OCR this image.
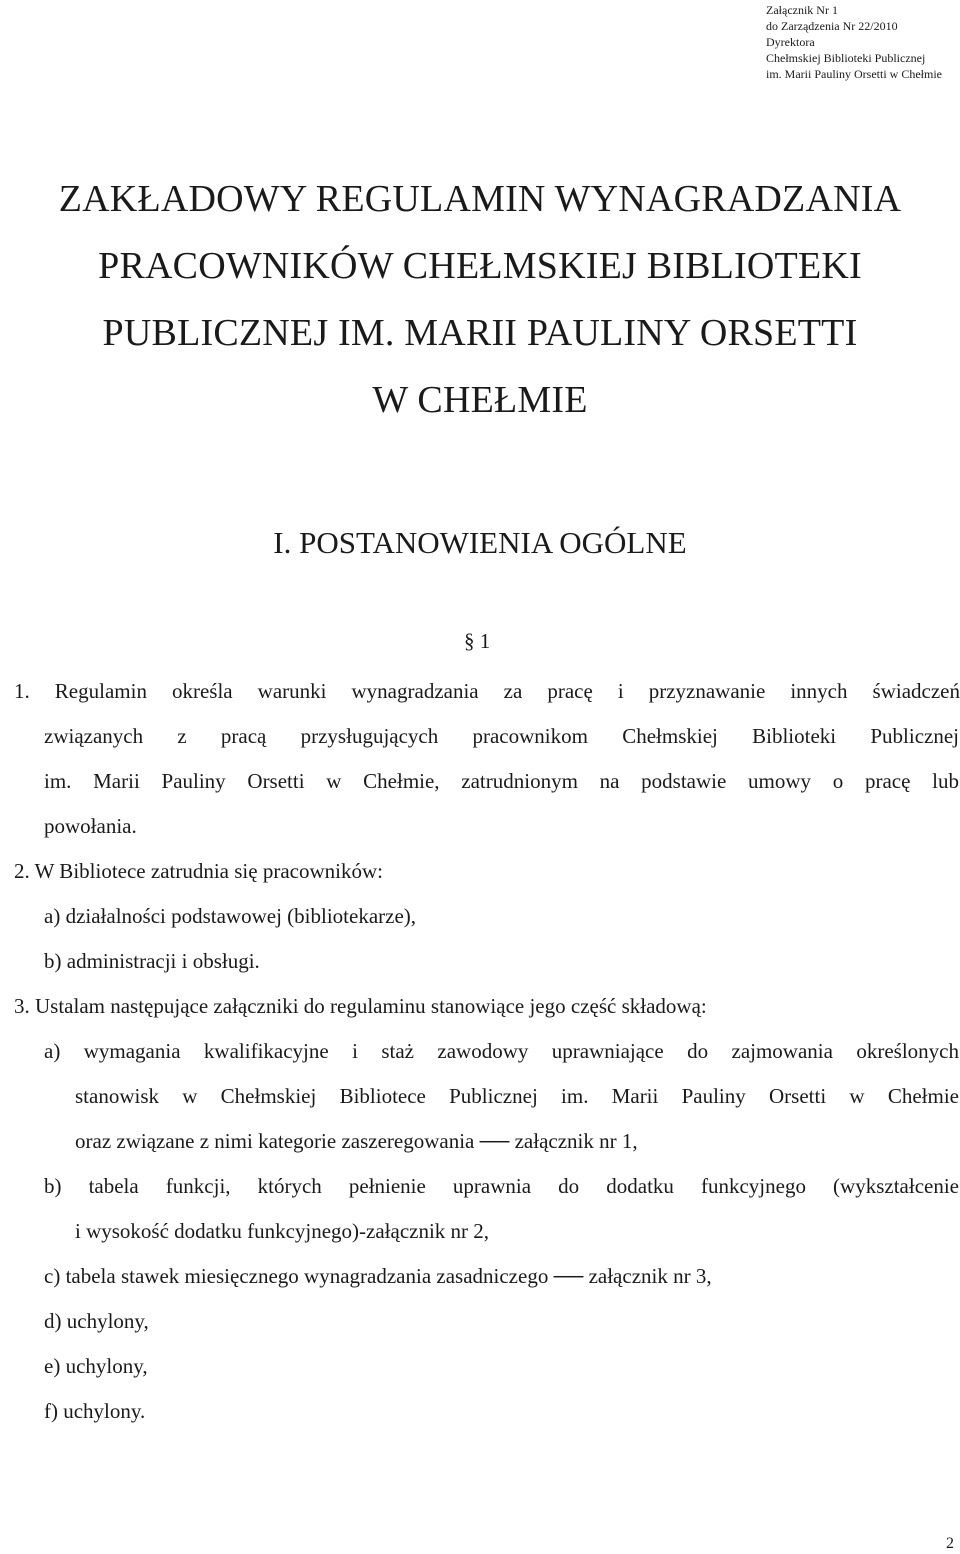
Załącznik Nr 1
do Zarządzenia Nr 22/2010
Dyrektora
Chełmskiej Biblioteki Publicznej
im. Marii Pauliny Orsetti w Chełmie
ZAKŁADOWY REGULAMIN WYNAGRADZANIA
PRACOWNIKÓW CHEŁMSKIEJ BIBLIOTEKI
PUBLICZNEJ IM. MARII PAULINY ORSETTI
W CHEŁMIE
I. POSTANOWIENIA OGÓLNE
§ 1
1. Regulamin określa warunki wynagradzania za pracę i przyznawanie innych świadczeń
związanych z pracą przysługujących pracownikom Chełmskiej Biblioteki Publicznej
im. Marii Pauliny Orsetti w Chełmie, zatrudnionym na podstawie umowy o pracę lub
powołania.
2. W Bibliotece zatrudnia się pracowników:
a) działalności podstawowej (bibliotekarze),
b) administracji i obsługi.
3. Ustalam następujące załączniki do regulaminu stanowiące jego część składową:
a) wymagania kwalifikacyjne i staż zawodowy uprawniające do zajmowania określonych
stanowisk w Chełmskiej Bibliotece Publicznej im. Marii Pauliny Orsetti w Chełmie
oraz związane z nimi kategorie zaszeregowania ── załącznik nr 1,
b) tabela funkcji, których pełnienie uprawnia do dodatku funkcyjnego (wykształcenie
i wysokość dodatku funkcyjnego)-załącznik nr 2,
c) tabela stawek miesięcznego wynagradzania zasadniczego ── załącznik nr 3,
d) uchylony,
e) uchylony,
f) uchylony.
2
